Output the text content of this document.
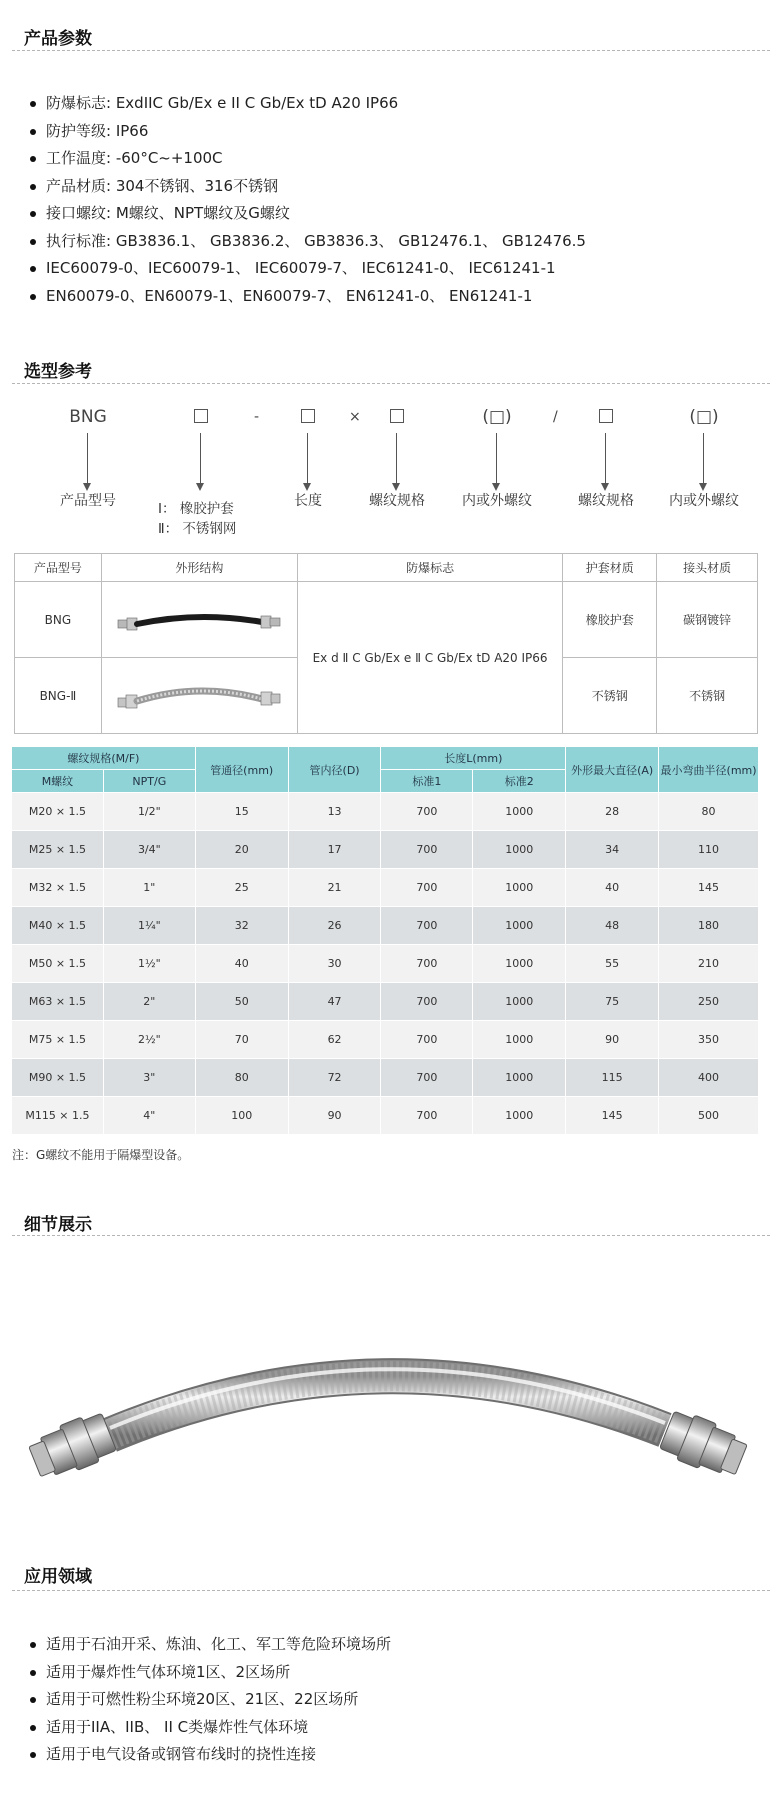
产品参数
防爆标志: ExdIIC Gb/Ex e II C Gb/Ex tD A20 IP66
防护等级: IP66
工作温度: -60°C~+100C
产品材质: 304不锈钢、316不锈钢
接口螺纹: M螺纹、NPT螺纹及G螺纹
执行标准: GB3836.1、 GB3836.2、 GB3836.3、 GB12476.1、 GB12476.5
IEC60079-0、IEC60079-1、 IEC60079-7、 IEC61241-0、 IEC61241-1
EN60079-0、EN60079-1、EN60079-7、 EN61241-0、 EN61241-1
选型参考
BNG
产品型号
-
长度
×
螺纹规格
(□)
内或外螺纹
/
螺纹规格
(□)
内或外螺纹
Ⅰ： 橡胶护套
Ⅱ： 不锈钢网
产品型号	外形结构	防爆标志	护套材质	接头材质
BNG		Ex d Ⅱ C Gb/Ex e Ⅱ C Gb/Ex tD A20 IP66	橡胶护套	碳钢镀锌
BNG-Ⅱ			不锈钢	不锈钢
螺纹规格(M/F)		管通径(mm)	管内径(D)	长度L(mm)		外形最大直径(A)	最小弯曲半径(mm)
M螺纹	NPT/G			标准1	标准2		
M20 × 1.5	1/2"	15	13	700	1000	28	80
M25 × 1.5	3/4"	20	17	700	1000	34	110
M32 × 1.5	1"	25	21	700	1000	40	145
M40 × 1.5	1¼"	32	26	700	1000	48	180
M50 × 1.5	1½"	40	30	700	1000	55	210
M63 × 1.5	2"	50	47	700	1000	75	250
M75 × 1.5	2½"	70	62	700	1000	90	350
M90 × 1.5	3"	80	72	700	1000	115	400
M115 × 1.5	4"	100	90	700	1000	145	500
注：G螺纹不能用于隔爆型设备。
细节展示
应用领域
适用于石油开采、炼油、化工、军工等危险环境场所
适用于爆炸性气体环境1区、2区场所
适用于可燃性粉尘环境20区、21区、22区场所
适用于IIA、IIB、 II C类爆炸性气体环境
适用于电气设备或钢管布线时的挠性连接
